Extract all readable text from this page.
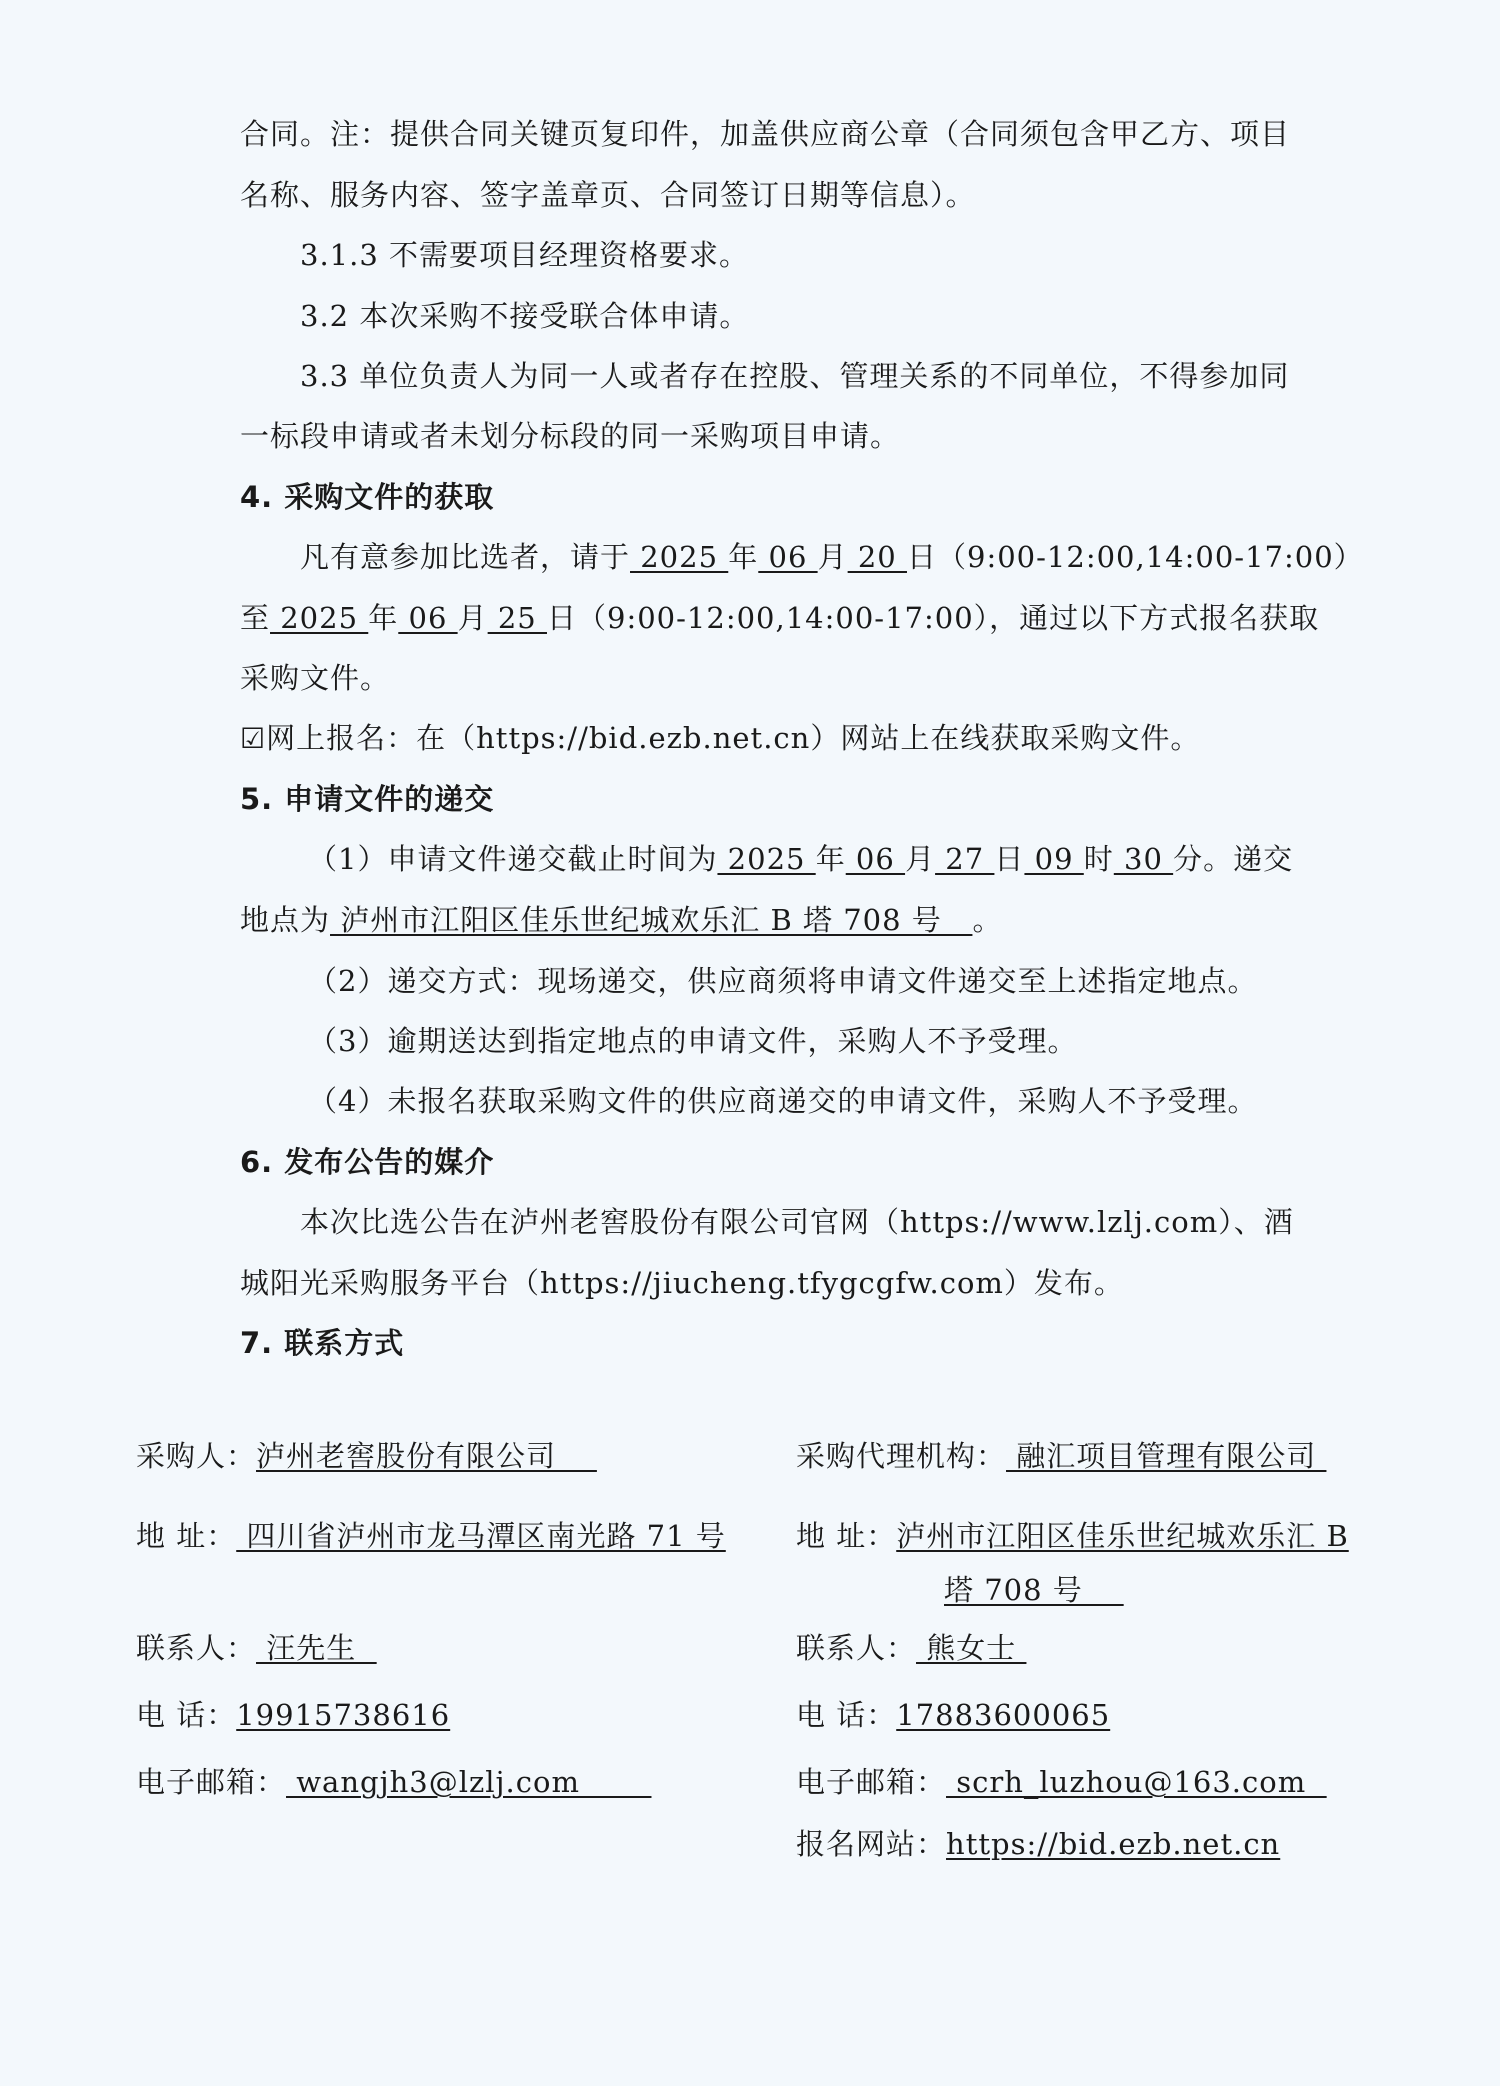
合同。注：提供合同关键页复印件，加盖供应商公章（合同须包含甲乙方、项目
名称、服务内容、签字盖章页、合同签订日期等信息）。
3.1.3 不需要项目经理资格要求。
3.2 本次采购不接受联合体申请。
3.3 单位负责人为同一人或者存在控股、管理关系的不同单位，不得参加同
一标段申请或者未划分标段的同一采购项目申请。
4. 采购文件的获取
凡有意参加比选者，请于 2025 年 06 月 20 日（9:00-12:00,14:00-17:00）
至 2025 年 06 月 25 日（9:00-12:00,14:00-17:00），通过以下方式报名获取
采购文件。
☑网上报名：在（https://bid.ezb.net.cn）网站上在线获取采购文件。
5. 申请文件的递交
（1）申请文件递交截止时间为 2025 年 06 月 27 日 09 时 30 分。递交
地点为 泸州市江阳区佳乐世纪城欢乐汇 B 塔 708 号   。
（2）递交方式：现场递交，供应商须将申请文件递交至上述指定地点。
（3）逾期送达到指定地点的申请文件，采购人不予受理。
（4）未报名获取采购文件的供应商递交的申请文件，采购人不予受理。
6. 发布公告的媒介
本次比选公告在泸州老窖股份有限公司官网（https://www.lzlj.com）、酒
城阳光采购服务平台（https://jiucheng.tfygcgfw.com）发布。
7. 联系方式
采购人：泸州老窖股份有限公司
地 址： 四川省泸州市龙马潭区南光路 71 号
联系人： 汪先生
电 话：19915738616
电子邮箱： wangjh3@lzlj.com
采购代理机构： 融汇项目管理有限公司
地 址：泸州市江阳区佳乐世纪城欢乐汇 B
塔 708 号
联系人： 熊女士
电 话：17883600065
电子邮箱： scrh_luzhou@163.com
报名网站：https://bid.ezb.net.cn
